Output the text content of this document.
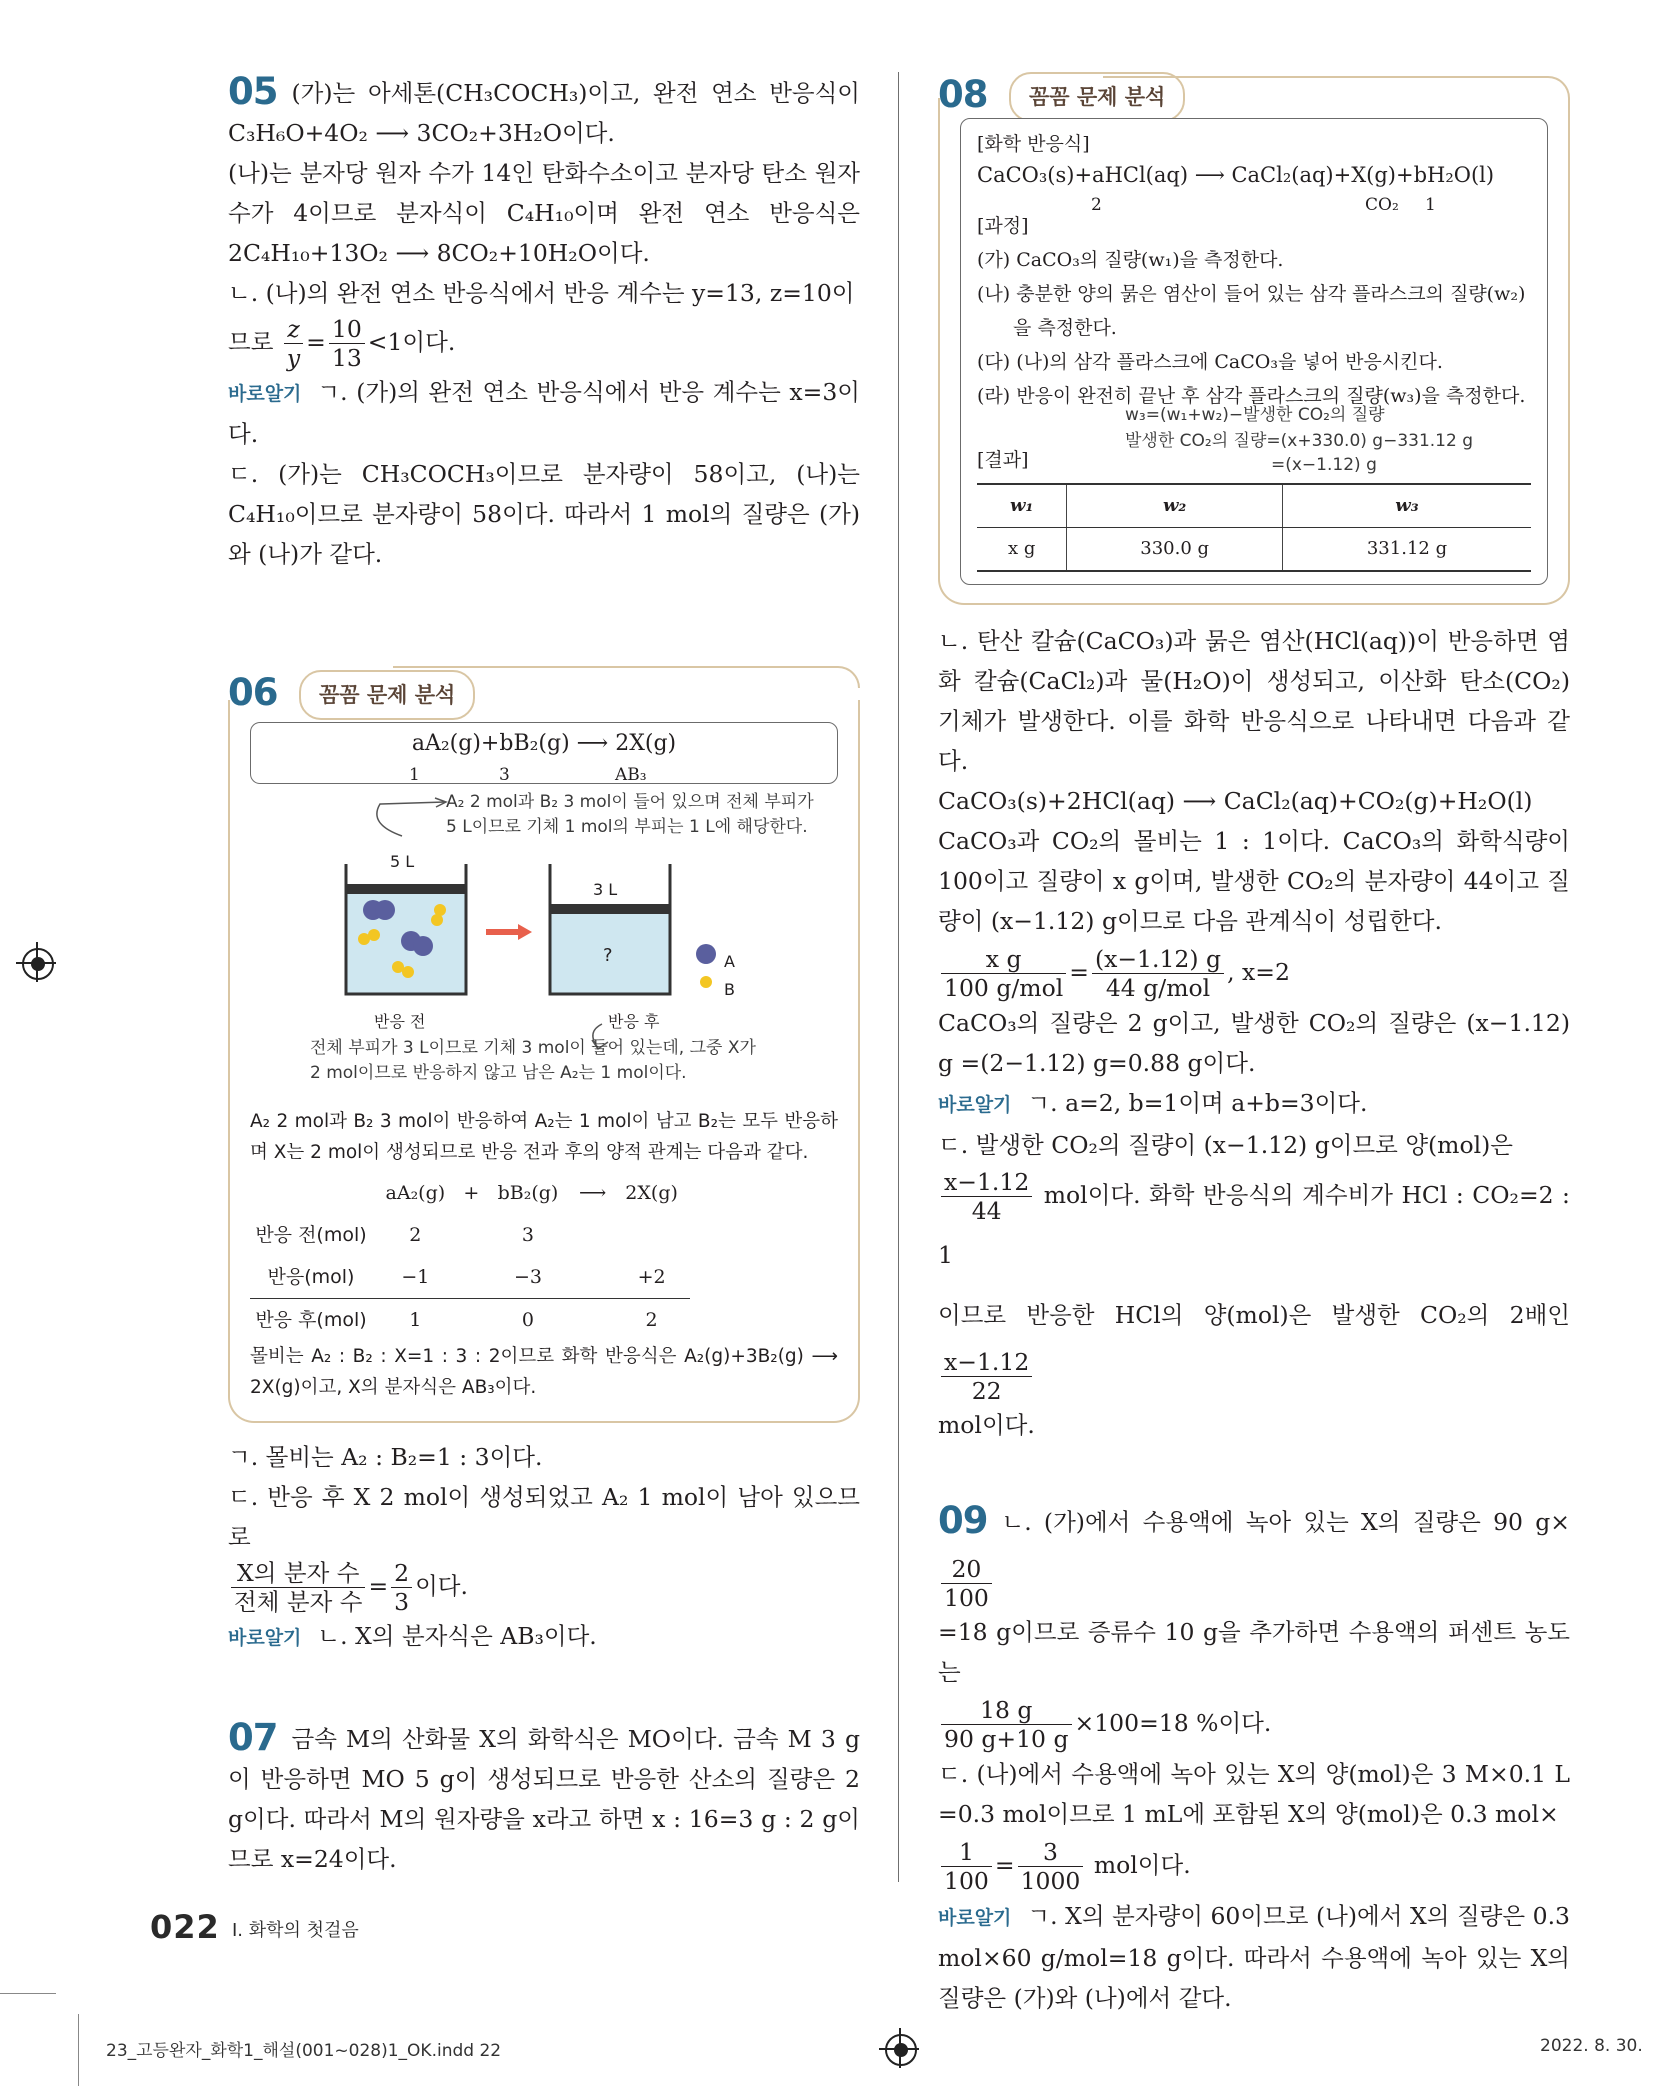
05 (가)는 아세톤(CH₃COCH₃)이고, 완전 연소 반응식이 C₃H₆O+4O₂ ⟶ 3CO₂+3H₂O이다.

(나)는 분자당 원자 수가 14인 탄화수소이고 분자당 탄소 원자 수가 4이므로 분자식이 C₄H₁₀이며 완전 연소 반응식은 2C₄H₁₀+13O₂ ⟶ 8CO₂+10H₂O이다.

ㄴ. (나)의 완전 연소 반응식에서 반응 계수는 y=13, z=10이

므로 $\frac{z}{y} = \frac{10}{13} <1$이다.

바로알기 ㄱ. (가)의 완전 연소 반응식에서 반응 계수는 x=3이다.

ㄷ. (가)는 CH₃COCH₃이므로 분자량이 58이고, (나)는 C₄H₁₀이므로 분자량이 58이다. 따라서 1 mol의 질량은 (가)와 (나)가 같다.

06 꼼꼼 문제 분석
aA₂(g)+bB₂(g) ⟶ 2X(g)
1	3	AB₃
A₂ 2 mol과 B₂ 3 mol이 들어 있으며 전체 부피가
5 L이므로 기체 1 mol의 부피는 1 L에 해당한다.
5 L
3 L
?	A
B
반응 전	반응 후
전체 부피가 3 L이므로 기체 3 mol이 들어 있는데, 그중 X가
2 mol이므로 반응하지 않고 남은 A₂는 1 mol이다.
A₂ 2 mol과 B₂ 3 mol이 반응하여 A₂는 1 mol이 남고 B₂는 모두 반응하며 X는 2 mol이 생성되므로 반응 전과 후의 양적 관계는 다음과 같다.
	aA₂(g)	+	bB₂(g)	⟶	2X(g)
반응 전(mol)	2		3		
반응(mol)	−1		−3		+2
반응 후(mol)	1		0		2
몰비는 A₂ : B₂ : X=1 : 3 : 2이므로 화학 반응식은 A₂(g)+3B₂(g) ⟶ 2X(g)이고, X의 분자식은 AB₃이다.

ㄱ. 몰비는 A₂ : B₂=1 : 3이다.

ㄷ. 반응 후 X 2 mol이 생성되었고 A₂ 1 mol이 남아 있으므로

$\frac{\text{X의 분자 수}}{\text{전체 분자 수}} = \frac{2}{3}$ 이다.

바로알기 ㄴ. X의 분자식은 AB₃이다.

07 금속 M의 산화물 X의 화학식은 MO이다. 금속 M 3 g이 반응하면 MO 5 g이 생성되므로 반응한 산소의 질량은 2 g이다. 따라서 M의 원자량을 x라고 하면 x : 16=3 g : 2 g이므로 x=24이다.

08 꼼꼼 문제 분석
[화학 반응식]
CaCO₃(s)+aHCl(aq) ⟶ CaCl₂(aq)+X(g)+bH₂O(l)
2	CO₂ 1
[과정]
(가) CaCO₃의 질량(w₁)을 측정한다.
(나) 충분한 양의 묽은 염산이 들어 있는 삼각 플라스크의 질량(w₂)을 측정한다.
(다) (나)의 삼각 플라스크에 CaCO₃을 넣어 반응시킨다.
(라) 반응이 완전히 끝난 후 삼각 플라스크의 질량(w₃)을 측정한다.
w₃=(w₁+w₂)−발생한 CO₂의 질량
발생한 CO₂의 질량=(x+330.0) g−331.12 g
=(x−1.12) g
[결과]
w₁	w₂	w₃
x g	330.0 g	331.12 g

ㄴ. 탄산 칼슘(CaCO₃)과 묽은 염산(HCl(aq))이 반응하면 염화 칼슘(CaCl₂)과 물(H₂O)이 생성되고, 이산화 탄소(CO₂) 기체가 발생한다. 이를 화학 반응식으로 나타내면 다음과 같다.

CaCO₃(s)+2HCl(aq) ⟶ CaCl₂(aq)+CO₂(g)+H₂O(l)

CaCO₃과 CO₂의 몰비는 1 : 1이다. CaCO₃의 화학식량이 100이고 질량이 x g이며, 발생한 CO₂의 분자량이 44이고 질량이 (x−1.12) g이므로 다음 관계식이 성립한다.

$\frac{\text{x g}}{\text{100 g/mol}} = \frac{(x-1.12) g}{\text{44 g/mol}}$ , x=2

CaCO₃의 질량은 2 g이고, 발생한 CO₂의 질량은 (x−1.12) g =(2−1.12) g=0.88 g이다.

바로알기 ㄱ. a=2, b=1이며 a+b=3이다.

ㄷ. 발생한 CO₂의 질량이 (x−1.12) g이므로 양(mol)은

$\frac{x-1.12}{44}$ mol이다. 화학 반응식의 계수비가 HCl : CO₂=2 : 1

이므로 반응한 HCl의 양(mol)은 발생한 CO₂의 2배인
$\frac{x-1.12}{22}$

mol이다.

09 ㄴ. (가)에서 수용액에 녹아 있는 X의 질량은 90 g×
$\frac{20}{100}$

=18 g이므로 증류수 10 g을 추가하면 수용액의 퍼센트 농도는

$\frac{18 g}{90 g+10 g} \times 100=18$ %이다.

ㄷ. (나)에서 수용액에 녹아 있는 X의 양(mol)은 3 M×0.1 L =0.3 mol이므로 1 mL에 포함된 X의 양(mol)은 0.3 mol×

$\frac{1}{100} = \frac{3}{1000}$ mol이다.

바로알기 ㄱ. X의 분자량이 60이므로 (나)에서 X의 질량은 0.3 mol×60 g/mol=18 g이다. 따라서 수용액에 녹아 있는 X의 질량은 (가)와 (나)에서 같다.

022 Ⅰ. 화학의 첫걸음
23_고등완자_화학1_해설(001~028)1_OK.indd 22	2022. 8. 30.
